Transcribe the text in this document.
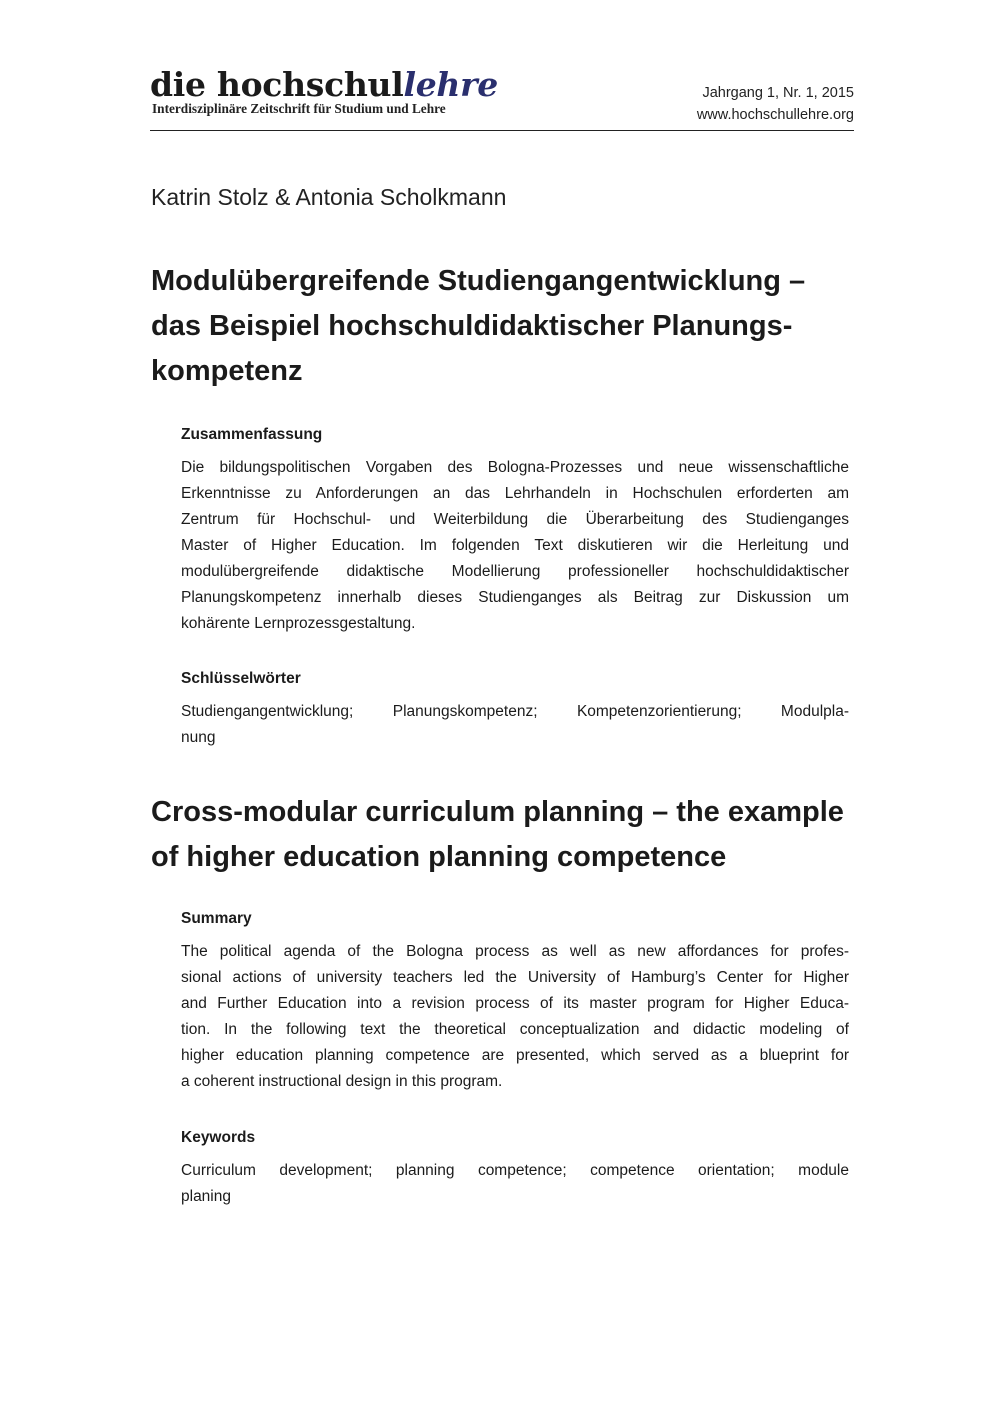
die hochschullehre
Interdisziplinäre Zeitschrift für Studium und Lehre
Jahrgang 1, Nr. 1, 2015
www.hochschullehre.org
Katrin Stolz & Antonia Scholkmann
Modulübergreifende Studiengangentwicklung –
das Beispiel hochschuldidaktischer Planungs-
kompetenz
Zusammenfassung
Die bildungspolitischen Vorgaben des Bologna-Prozesses und neue wissenschaftliche
Erkenntnisse zu Anforderungen an das Lehrhandeln in Hochschulen erforderten am
Zentrum für Hochschul- und Weiterbildung die Überarbeitung des Studienganges
Master of Higher Education. Im folgenden Text diskutieren wir die Herleitung und
modulübergreifende didaktische Modellierung professioneller hochschuldidaktischer
Planungskompetenz innerhalb dieses Studienganges als Beitrag zur Diskussion um
kohärente Lernprozessgestaltung.
Schlüsselwörter
Studiengangentwicklung; Planungskompetenz; Kompetenzorientierung; Modulpla-
nung
Cross-modular curriculum planning – the example
of higher education planning competence
Summary
The political agenda of the Bologna process as well as new affordances for profes-
sional actions of university teachers led the University of Hamburg’s Center for Higher
and Further Education into a revision process of its master program for Higher Educa-
tion. In the following text the theoretical conceptualization and didactic modeling of
higher education planning competence are presented, which served as a blueprint for
a coherent instructional design in this program.
Keywords
Curriculum development; planning competence; competence orientation; module
planing
